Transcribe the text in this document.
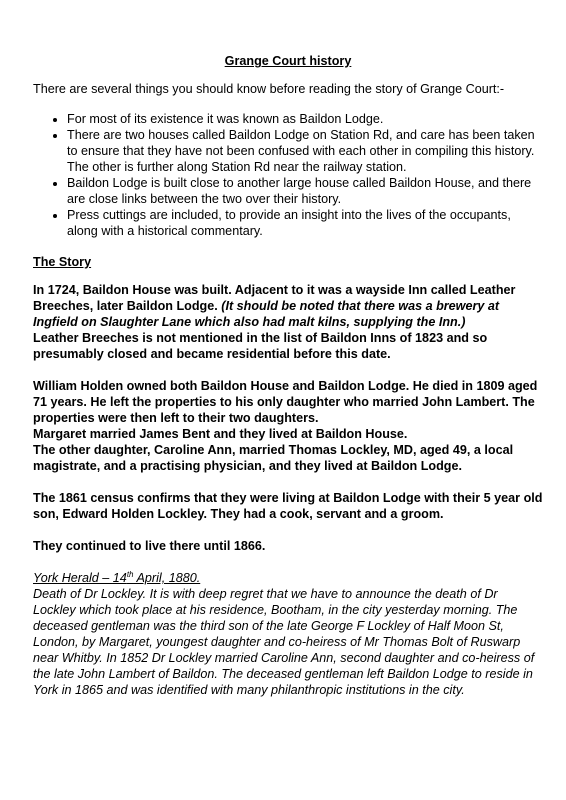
Grange Court history

There are several things you should know before reading the story of Grange Court:-

• For most of its existence it was known as Baildon Lodge.
• There are two houses called Baildon Lodge on Station Rd, and care has been taken to ensure that they have not been confused with each other in compiling this history. The other is further along Station Rd near the railway station.
• Baildon Lodge is built close to another large house called Baildon House, and there are close links between the two over their history.
• Press cuttings are included, to provide an insight into the lives of the occupants, along with a historical commentary.

The Story

In 1724, Baildon House was built. Adjacent to it was a wayside Inn called Leather Breeches, later Baildon Lodge. (It should be noted that there was a brewery at Ingfield on Slaughter Lane which also had malt kilns, supplying the Inn.)

Leather Breeches is not mentioned in the list of Baildon Inns of 1823 and so presumably closed and became residential before this date.

William Holden owned both Baildon House and Baildon Lodge. He died in 1809 aged 71 years. He left the properties to his only daughter who married John Lambert. The properties were then left to their two daughters.

Margaret married James Bent and they lived at Baildon House.

The other daughter, Caroline Ann, married Thomas Lockley, MD, aged 49, a local magistrate, and a practising physician, and they lived at Baildon Lodge.

The 1861 census confirms that they were living at Baildon Lodge with their 5 year old son, Edward Holden Lockley. They had a cook, servant and a groom.

They continued to live there until 1866.

York Herald – 14th April, 1880.

Death of Dr Lockley. It is with deep regret that we have to announce the death of Dr Lockley which took place at his residence, Bootham, in the city yesterday morning. The deceased gentleman was the third son of the late George F Lockley of Half Moon St, London, by Margaret, youngest daughter and co-heiress of Mr Thomas Bolt of Ruswarp near Whitby. In 1852 Dr Lockley married Caroline Ann, second daughter and co-heiress of the late John Lambert of Baildon. The deceased gentleman left Baildon Lodge to reside in York in 1865 and was identified with many philanthropic institutions in the city.
